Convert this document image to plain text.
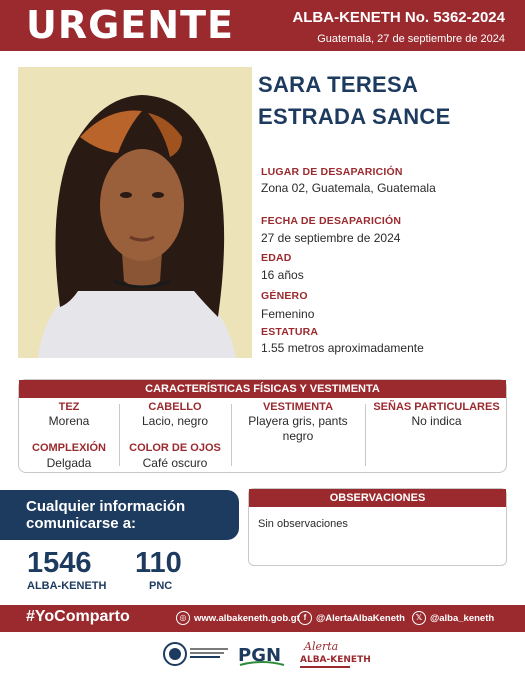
URGENTE	ALBA-KENETH No. 5362-2024
Guatemala, 27 de septiembre de 2024
SARA TERESA
ESTRADA SANCE
LUGAR DE DESAPARICIÓN
Zona 02, Guatemala, Guatemala
FECHA DE DESAPARICIÓN
27 de septiembre de 2024
EDAD
16 años
GÉNERO
Femenino
ESTATURA
1.55 metros aproximadamente
CARACTERÍSTICAS FÍSICAS Y VESTIMENTA
TEZ
Morena
CABELLO
Lacio, negro
VESTIMENTA
Playera gris, pants negro
SEÑAS PARTICULARES
No indica
COMPLEXIÓN
Delgada
COLOR DE OJOS
Café oscuro
Cualquier información comunicarse a:
1546
ALBA-KENETH
110
PNC
OBSERVACIONES
Sin observaciones
#YoComparto	◎ www.albakeneth.gob.gt f	@AlertaAlbaKeneth	𝕏 @alba_keneth
PGN Alerta
ALBA-KENETH
